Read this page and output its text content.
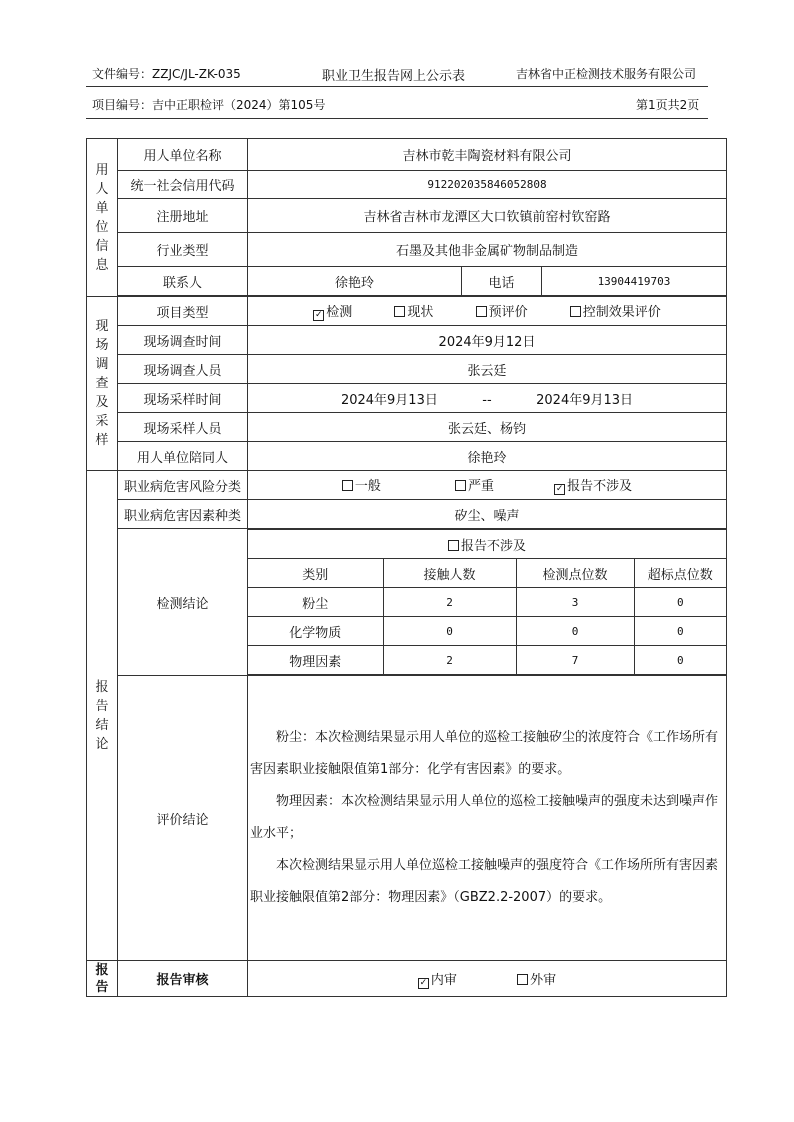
文件编号：ZZJC/JL-ZK-035	职业卫生报告网上公示表	吉林省中正检测技术服务有限公司
项目编号：吉中正职检评（2024）第105号	第1页共2页
用
人
单
位
信
息
	用人单位名称	吉林市乾丰陶瓷材料有限公司
统一社会信用代码	91220203584605280​8
注册地址	吉林省吉林市龙潭区大口钦镇前窑村钦窑路
行业类型	石墨及其他非金属矿物制品制造
联系人	徐艳玲	电话	13904419703

现
场
调
查
及
采
样
	项目类型	✓ 检测	现状	预评价	控制效果评价
现场调查时间	2024年9月12日
现场调查人员	张云廷
现场采样时间	2024年9月13日	--	2024年9月13日
现场采样人员	张云廷、杨钧
用人单位陪同人	徐艳玲

报
告
结
论
	职业病危害风险分类	一般	严重	✓ 报告不涉及
职业病危害因素种类	矽尘、噪声
检测结论	
报告不涉及
类别	接触人数	检测点位数	超标点位数
粉尘	2	3	0
化学物质	0	0	0
物理因素	2	7	0

评价结论	

粉尘：本次检测结果显示用人单位的巡检工接触矽尘的浓度符合《工作场所有害因素职业接触限值第1部分：化学有害因素》的要求。

物理因素：本次检测结果显示用人单位的巡检工接触噪声的强度未达到噪声作业水平；

本次检测结果显示用人单位巡检工接触噪声的强度符合《工作场所所有害因素职业接触限值第2部分：物理因素》（GBZ2.2-2007）的要求。

报
告	报告审核	✓ 内审	外审
